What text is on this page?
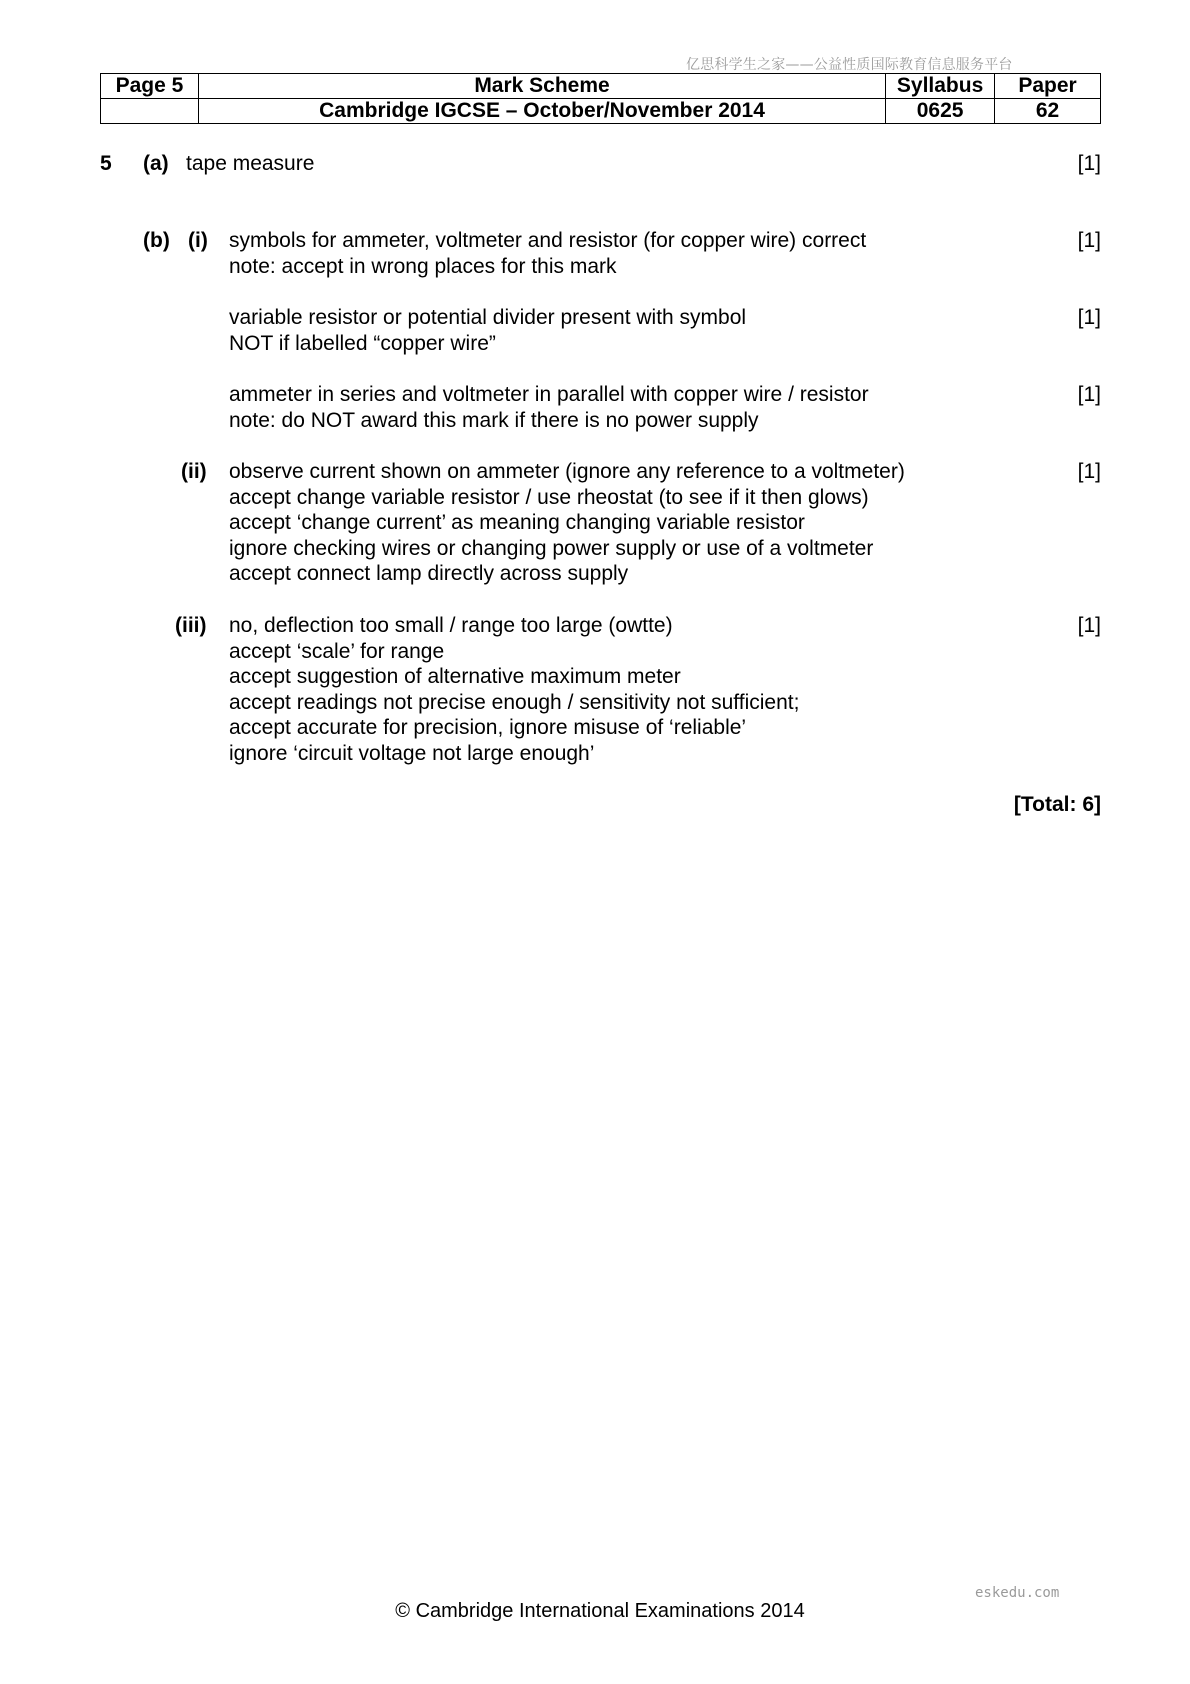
亿思科学生之家——公益性质国际教育信息服务平台
Page 5	Mark Scheme	Syllabus	Paper
	Cambridge IGCSE – October/November 2014	0625	62
5 (a) tape measure	[1]
(b) (i) symbols for ammeter, voltmeter and resistor (for copper wire) correct
note: accept in wrong places for this mark
[1]
variable resistor or potential divider present with symbol
NOT if labelled “copper wire”
[1]
ammeter in series and voltmeter in parallel with copper wire / resistor
note: do NOT award this mark if there is no power supply
[1]
(ii) observe current shown on ammeter (ignore any reference to a voltmeter)
accept change variable resistor / use rheostat (to see if it then glows)
accept ‘change current’ as meaning changing variable resistor
ignore checking wires or changing power supply or use of a voltmeter
accept connect lamp directly across supply
[1]
(iii) no, deflection too small / range too large (owtte)
accept ‘scale’ for range
accept suggestion of alternative maximum meter
accept readings not precise enough / sensitivity not sufficient;
accept accurate for precision, ignore misuse of ‘reliable’
ignore ‘circuit voltage not large enough’
[1]
[Total: 6]
eskedu.com
© Cambridge International Examinations 2014
